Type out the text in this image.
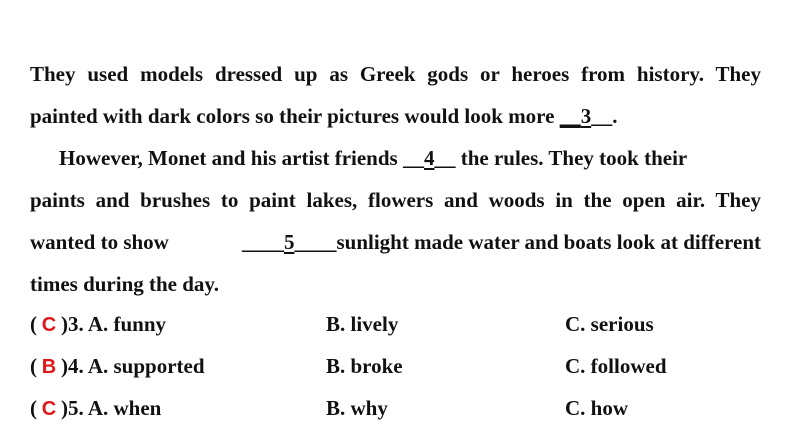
They used models dressed up as Greek gods or heroes from history. They
painted with dark colors so their pictures would look more __3__.
However, Monet and his artist friends __4__ the rules. They took their
paints and brushes to paint lakes, flowers and woods in the open air. They
wanted to show	____5____sunlight made water and boats look at different
times during the day.
( C )3. A. funny	B. lively	C. serious
( B )4. A. supported	B. broke	C. followed
( C )5. A. when	B. why	C. how
